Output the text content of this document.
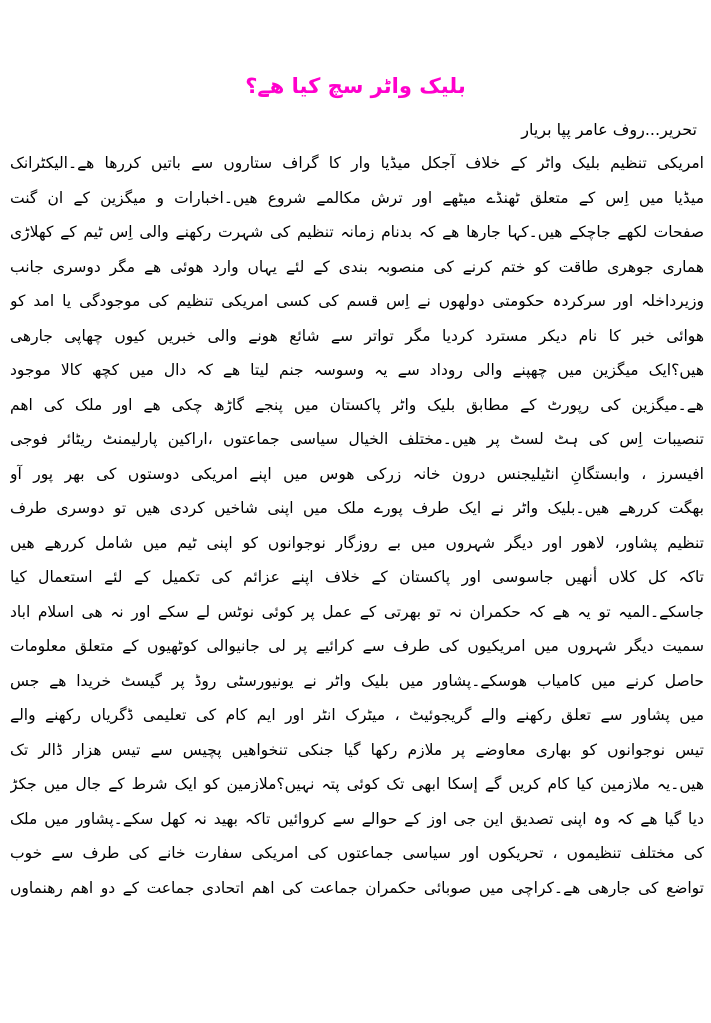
بلیک واٹر سچ کیا ھے؟
تحریر...روف عامر پپا بریار
امریکی تنظیم بلیک واٹر کے خلاف آجکل میڈیا وار کا گراف ستاروں سے باتیں کررھا ھے۔الیکٹرانک
میڈیا میں اِس کے متعلق ٹھنڈے میٹھے اور ترش مکالمے شروع ھیں۔اخبارات و میگزین کے ان گنت
صفحات لکھے جاچکے ھیں۔کہا جارھا ھے کہ بدنام زمانہ تنظیم کی شہرت رکھنے والی اِس ٹیم کے کھلاڑی
ھماری جوھری طاقت کو ختم کرنے کی منصوبہ بندی کے لئے یہاں وارد ھوئی ھے مگر دوسری جانب
وزیرداخلہ اور سرکردہ حکومتی دولھوں نے اِس قسم کی کسی امریکی تنظیم کی موجودگی یا امد کو
ھوائی خبر کا نام دیکر مسترد کردیا مگر تواتر سے شائع ھونے والی خبریں کیوں چھاپی جارھی
ھیں؟ایک میگزین میں چھپنے والی روداد سے یہ وسوسہ جنم لیتا ھے کہ دال میں کچھ کالا موجود
ھے۔میگزین کی رپورٹ کے مطابق بلیک واٹر پاکستان میں پنجے گاڑھ چکی ھے اور ملک کی اھم
تنصیبات اِس کی ہٹ لسٹ پر ھیں۔مختلف الخیال سیاسی جماعتوں ،اراکین پارلیمنٹ ریٹائر فوجی
افیسرز ، وابستگانِ انٹیلیجنس درون خانہ زرکی ھوس میں اپنے امریکی دوستوں کی بھر پور آو
بھگت کررھے ھیں۔بلیک واٹر نے ایک طرف پورے ملک میں اپنی شاخیں کردی ھیں تو دوسری طرف
تنظیم پشاور، لاھور اور دیگر شہروں میں بے روزگار نوجوانوں کو اپنی ٹیم میں شامل کررھے ھیں
تاکہ کل کلاں أنھیں جاسوسی اور پاکستان کے خلاف اپنے عزائم کی تکمیل کے لئے استعمال کیا
جاسکے۔المیہ تو یہ ھے کہ حکمران نہ تو بھرتی کے عمل پر کوئی نوٹس لے سکے اور نہ ھی اسلام اباد
سمیت دیگر شہروں میں امریکیوں کی طرف سے کرائیے پر لی جانیوالی کوٹھیوں کے متعلق معلومات
حاصل کرنے میں کامیاب ھوسکے۔پشاور میں بلیک واٹر نے یونیورسٹی روڈ پر گیسٹ خریدا ھے جس
میں پشاور سے تعلق رکھنے والے گریجوئیٹ ، میٹرک انٹر اور ایم کام کی تعلیمی ڈگریاں رکھنے والے
تیس نوجوانوں کو بھاری معاوضے پر ملازم رکھا گیا جنکی تنخواھیں پچیس سے تیس ھزار ڈالر تک
ھیں۔یہ ملازمین کیا کام کریں گے إسکا ابھی تک کوئی پتہ نہیں؟ملازمین کو ایک شرط کے جال میں جکڑ
دیا گیا ھے کہ وہ اپنی تصدیق این جی اوز کے حوالے سے کروائیں تاکہ بھید نہ کھل سکے۔پشاور میں ملک
کی مختلف تنظیموں ، تحریکوں اور سیاسی جماعتوں کی امریکی سفارت خانے کی طرف سے خوب
تواضع کی جارھی ھے۔کراچی میں صوبائی حکمران جماعت کی اھم اتحادی جماعت کے دو اھم رھنماوں
